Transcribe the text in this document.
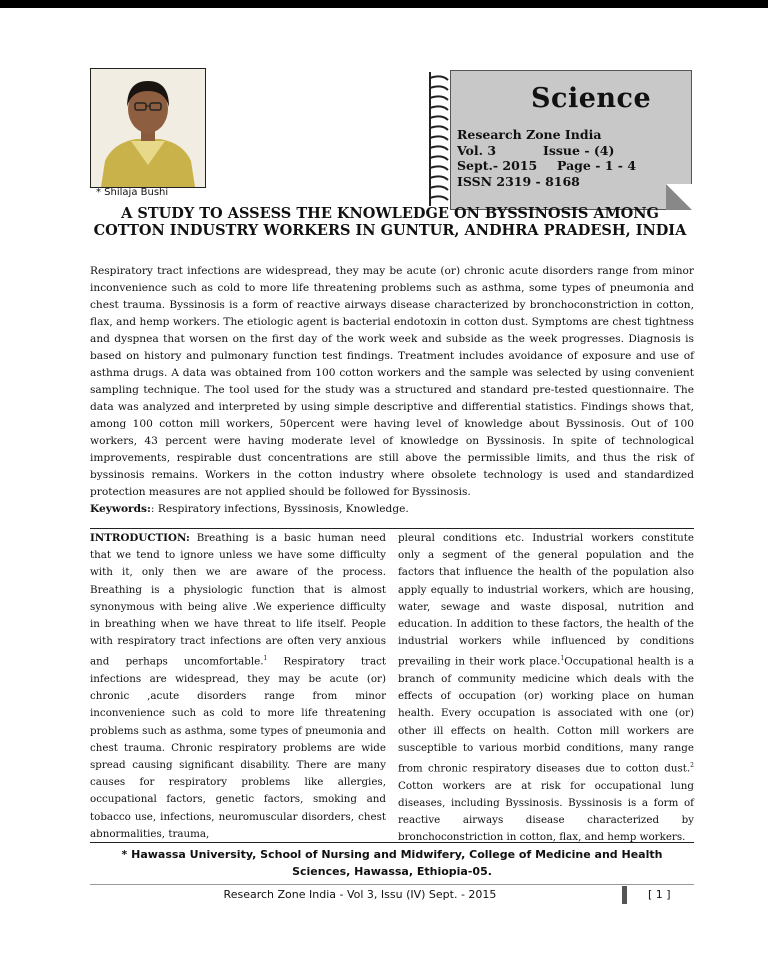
* Shilaja Bushi
Science
Research Zone India
Vol. 3	Issue - (4)
Sept.- 2015 Page - 1 - 4
ISSN 2319 - 8168
A STUDY TO ASSESS THE KNOWLEDGE ON BYSSINOSIS AMONG COTTON INDUSTRY WORKERS IN GUNTUR, ANDHRA PRADESH, INDIA

Respiratory tract infections are widespread, they may be acute (or) chronic acute disorders range from minor inconvenience such as cold to more life threatening problems such as asthma, some types of pneumonia and chest trauma. Byssinosis is a form of reactive airways disease characterized by bronchoconstriction in cotton, flax, and hemp workers. The etiologic agent is bacterial endotoxin in cotton dust. Symptoms are chest tightness and dyspnea that worsen on the first day of the work week and subside as the week progresses. Diagnosis is based on history and pulmonary function test findings. Treatment includes avoidance of exposure and use of asthma drugs. A data was obtained from 100 cotton workers and the sample was selected by using convenient sampling technique. The tool used for the study was a structured and standard pre-tested questionnaire. The data was analyzed and interpreted by using simple descriptive and differential statistics. Findings shows that, among 100 cotton mill workers, 50percent were having level of knowledge about Byssinosis. Out of 100 workers, 43 percent were having moderate level of knowledge on Byssinosis. In spite of technological improvements, respirable dust concentrations are still above the permissible limits, and thus the risk of byssinosis remains. Workers in the cotton industry where obsolete technology is used and standardized protection measures are not applied should be followed for Byssinosis.

Keywords:: Respiratory infections, Byssinosis, Knowledge.

INTRODUCTION: Breathing is a basic human need that we tend to ignore unless we have some difficulty with it, only then we are aware of the process. Breathing is a physiologic function that is almost synonymous with being alive .We experience difficulty in breathing when we have threat to life itself. People with respiratory tract infections are often very anxious and perhaps uncomfortable.$^1$ Respiratory tract infections are widespread, they may be acute (or) chronic ,acute disorders range from minor inconvenience such as cold to more life threatening problems such as asthma, some types of pneumonia and chest trauma. Chronic respiratory problems are wide spread causing significant disability. There are many causes for respiratory problems like allergies, occupational factors, genetic factors, smoking and tobacco use, infections, neuromuscular disorders, chest abnormalities, trauma,

pleural conditions etc. Industrial workers constitute only a segment of the general population and the factors that influence the health of the population also apply equally to industrial workers, which are housing, water, sewage and waste disposal, nutrition and education. In addition to these factors, the health of the industrial workers while influenced by conditions prevailing in their work place.$^1$Occupational health is a branch of community medicine which deals with the effects of occupation (or) working place on human health. Every occupation is associated with one (or) other ill effects on health. Cotton mill workers are susceptible to various morbid conditions, many range from chronic respiratory diseases due to cotton dust.$^2$ Cotton workers are at risk for occupational lung diseases, including Byssinosis. Byssinosis is a form of reactive airways disease characterized by bronchoconstriction in cotton, flax, and hemp workers.

* Hawassa University, School of Nursing and Midwifery, College of Medicine and Health
Sciences, Hawassa, Ethiopia-05.
Research Zone India - Vol 3, Issu (IV) Sept. - 2015	[ 1 ]
